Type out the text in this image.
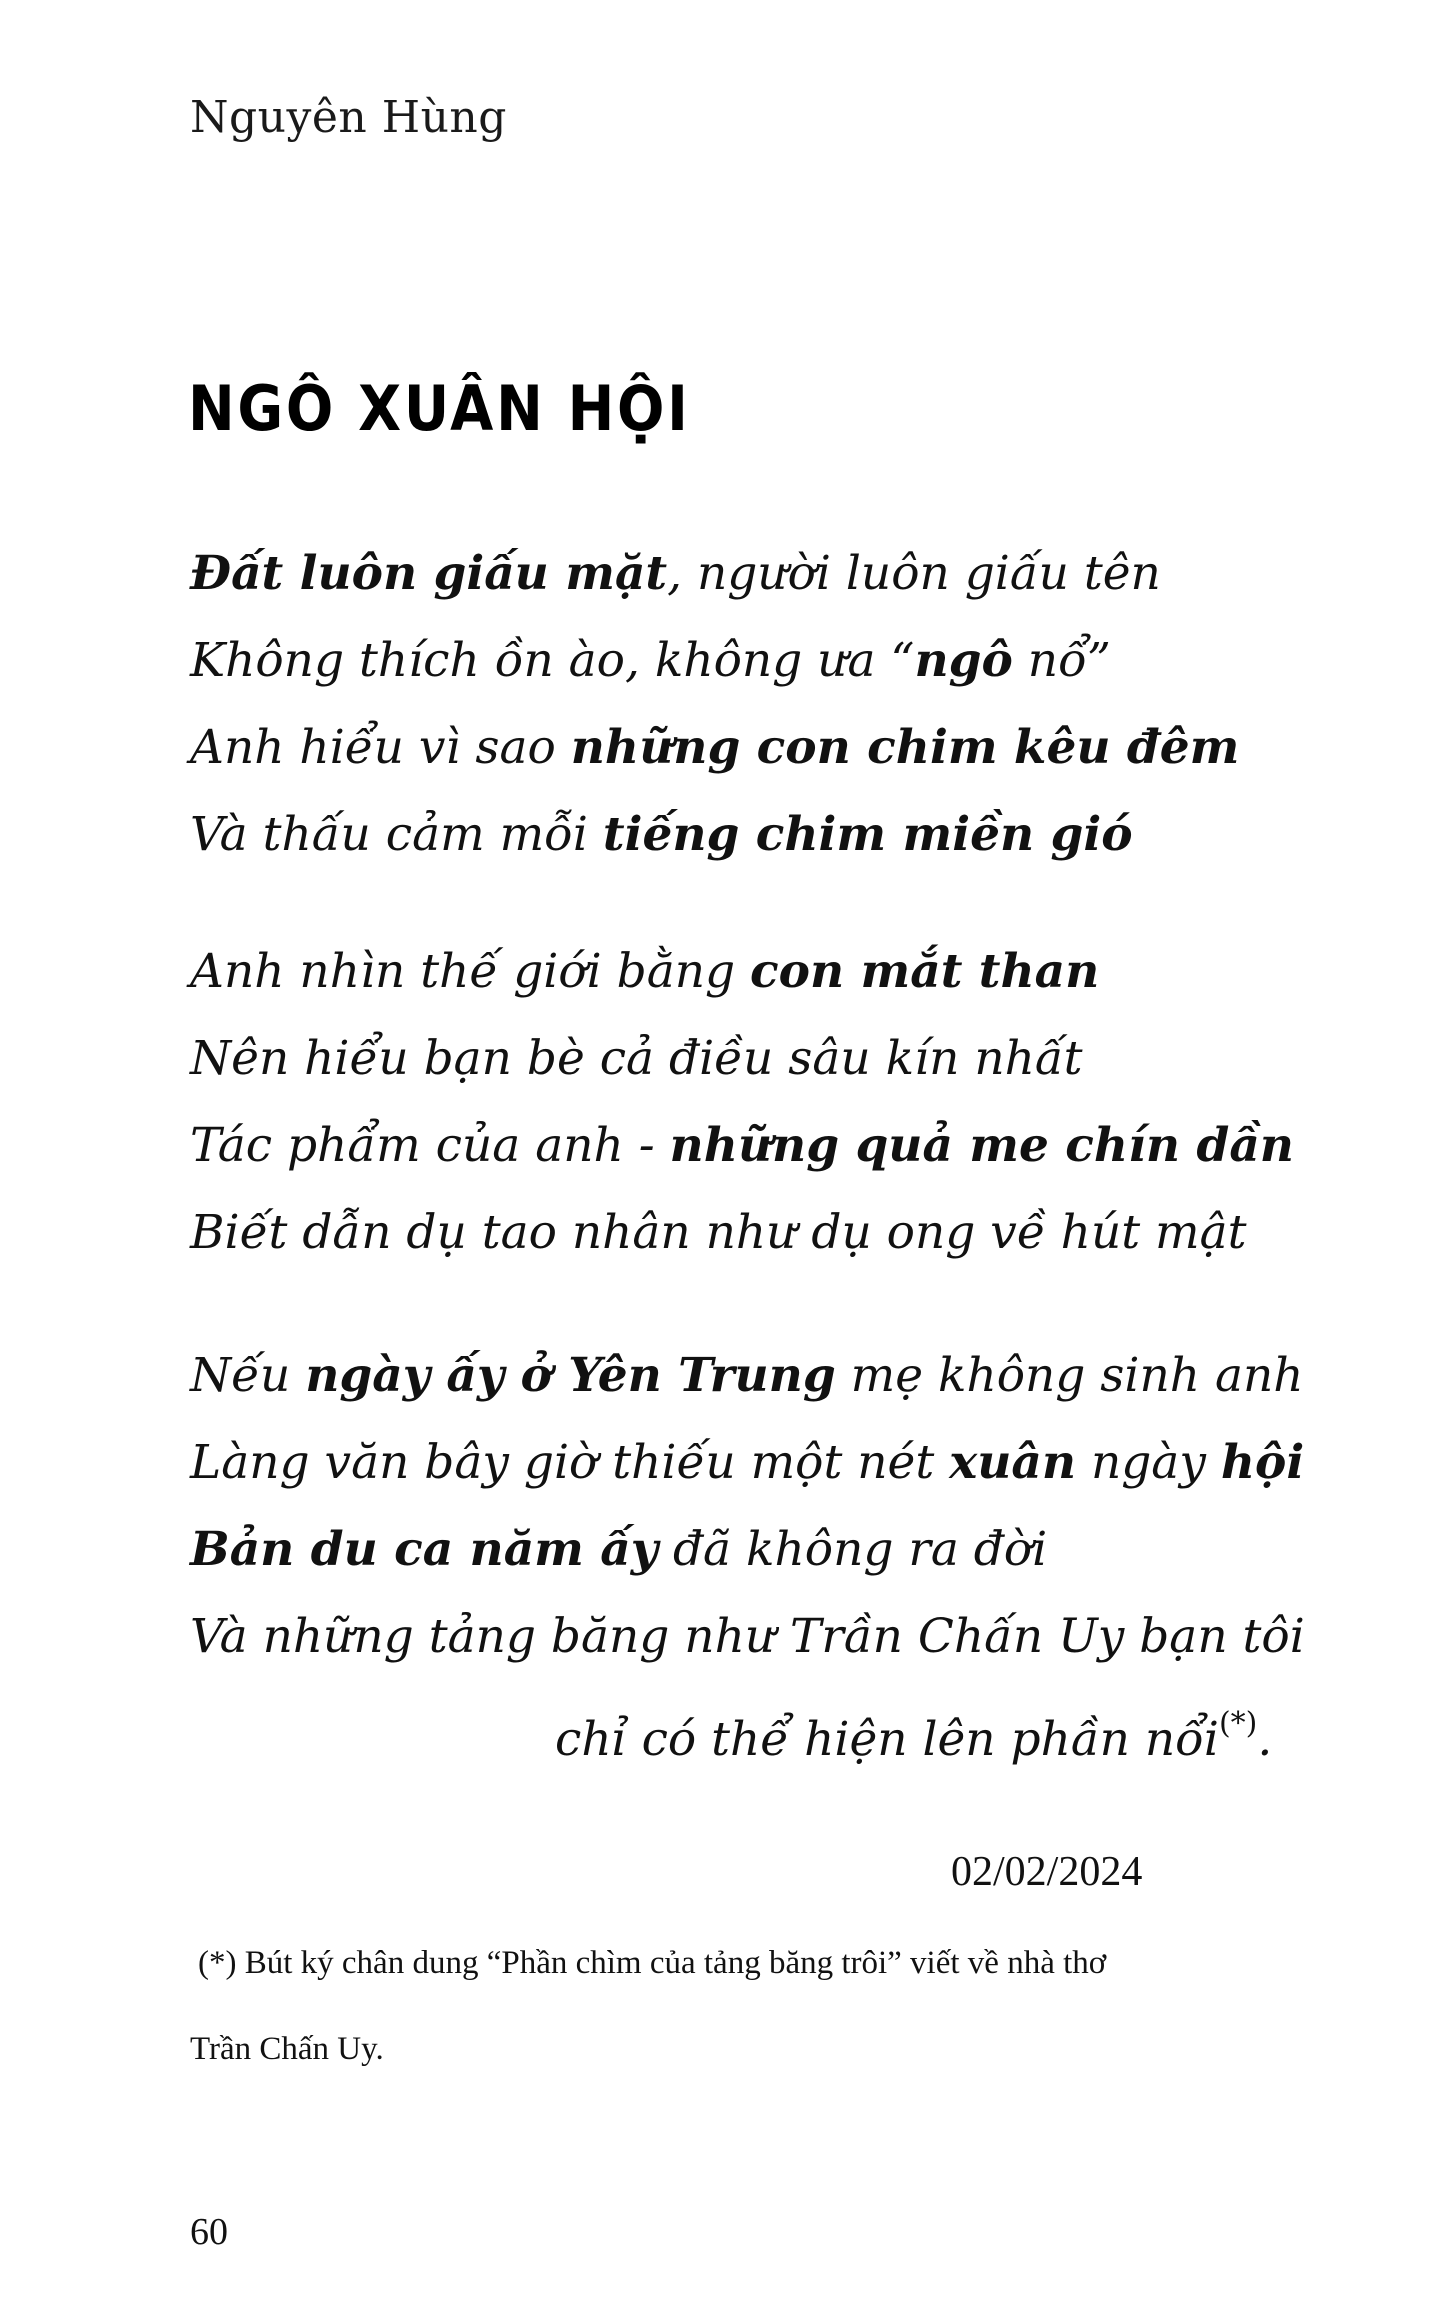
Nguyên Hùng
NGÔ XUÂN HỘI
Đất luôn giấu mặt, người luôn giấu tên
Không thích ồn ào, không ưa “ngô nổ”
Anh hiểu vì sao những con chim kêu đêm
Và thấu cảm mỗi tiếng chim miền gió
Anh nhìn thế giới bằng con mắt than
Nên hiểu bạn bè cả điều sâu kín nhất
Tác phẩm của anh - những quả me chín dần
Biết dẫn dụ tao nhân như dụ ong về hút mật
Nếu ngày ấy ở Yên Trung mẹ không sinh anh
Làng văn bây giờ thiếu một nét xuân ngày hội
Bản du ca năm ấy đã không ra đời
Và những tảng băng như Trần Chấn Uy bạn tôi
chỉ có thể hiện lên phần nổi(*).
02/02/2024
(*) Bút ký chân dung “Phần chìm của tảng băng trôi” viết về nhà thơ
Trần Chấn Uy.
60
